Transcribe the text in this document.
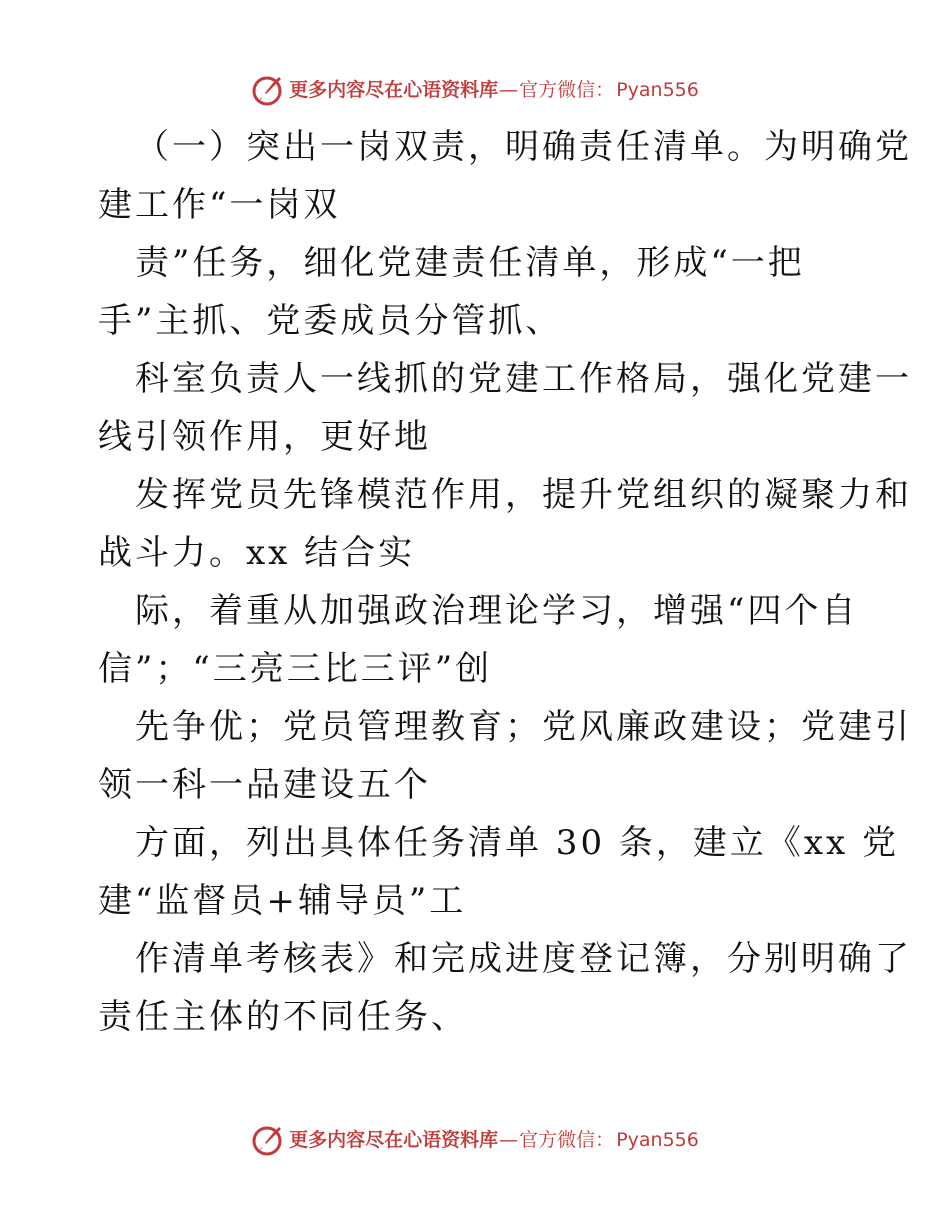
更多内容尽在心语资料库 — 官方微信： Pyan556
（一）突出一岗双责，明确责任清单。为明确党
建工作“一岗双
责”任务，细化党建责任清单，形成“一把
手”主抓、党委成员分管抓、
科室负责人一线抓的党建工作格局，强化党建一
线引领作用，更好地
发挥党员先锋模范作用，提升党组织的凝聚力和
战斗力。xx 结合实
际，着重从加强政治理论学习，增强“四个自
信”；“三亮三比三评”创
先争优；党员管理教育；党风廉政建设；党建引
领一科一品建设五个
方面，列出具体任务清单 30 条，建立《xx 党
建“监督员+辅导员”工
作清单考核表》和完成进度登记簿，分别明确了
责任主体的不同任务、
更多内容尽在心语资料库 — 官方微信： Pyan556
